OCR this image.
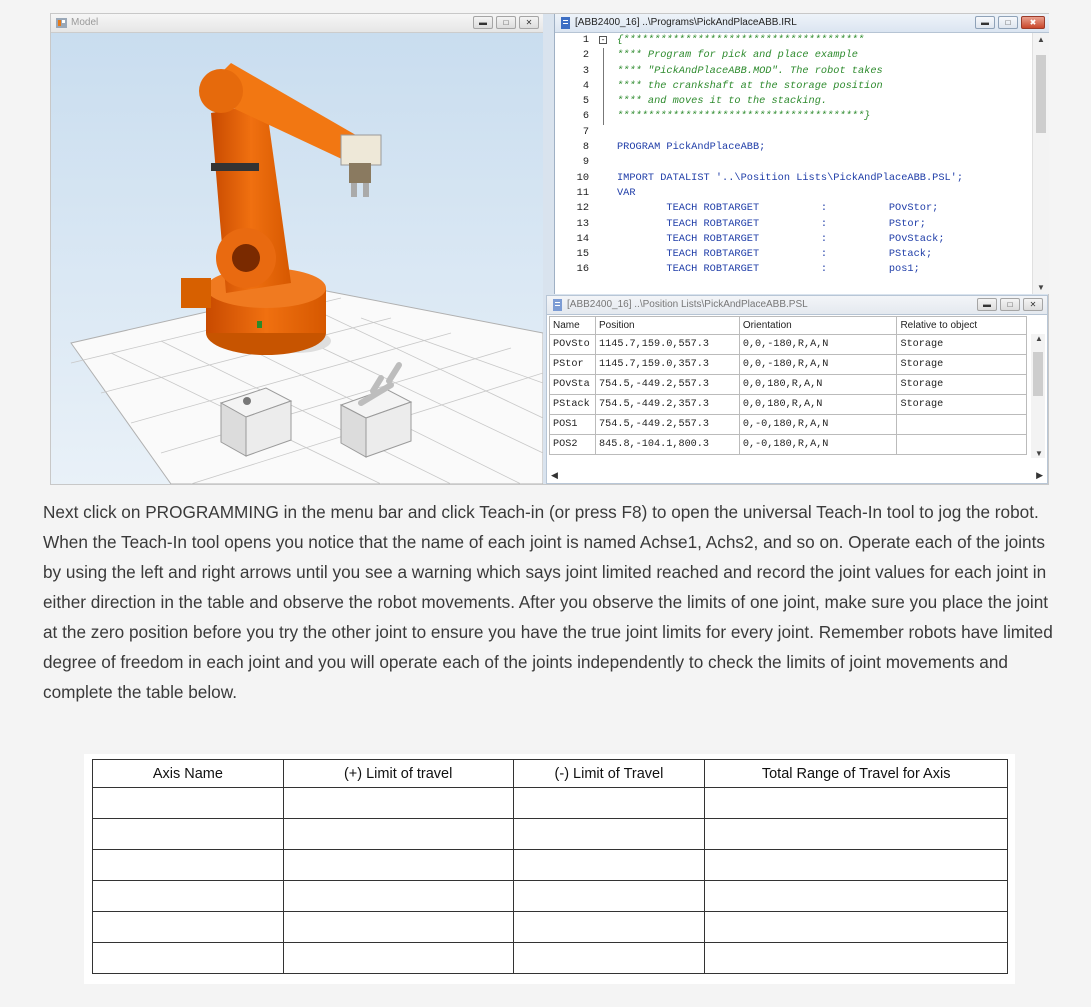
Model	▬	□	✕	[ABB2400_16] ..\Programs\PickAndPlaceABB.IRL	▬	□	✖
1 - {***************************************
2	**** Program for pick and place example
3	**** "PickAndPlaceABB.MOD". The robot takes
4	**** the crankshaft at the storage position
5	**** and moves it to the stacking.
6	****************************************}
7
8	PROGRAM PickAndPlaceABB;
9
10	IMPORT DATALIST '..\Position Lists\PickAndPlaceABB.PSL';
11	VAR
12	TEACH ROBTARGET          :          POvStor;
13	TEACH ROBTARGET          :          PStor;
14	TEACH ROBTARGET          :          POvStack;
15	TEACH ROBTARGET          :          PStack;
16	TEACH ROBTARGET          :          pos1;
▲
▼
[ABB2400_16] ..\Position Lists\PickAndPlaceABB.PSL	▬	□	✕
Name	Position	Orientation	Relative to object
POvSto	1145.7,159.0,557.3	0,0,-180,R,A,N	Storage
PStor	1145.7,159.0,357.3	0,0,-180,R,A,N	Storage
POvSta	754.5,-449.2,557.3	0,0,180,R,A,N	Storage
PStack	754.5,-449.2,357.3	0,0,180,R,A,N	Storage
POS1	754.5,-449.2,557.3	0,-0,180,R,A,N	
POS2	845.8,-104.1,800.3	0,-0,180,R,A,N	
▲
▼
◀	▶

Next click on PROGRAMMING in the menu bar and click Teach-in (or press F8) to open the universal Teach-In tool to jog the robot. When the Teach-In tool opens you notice that the name of each joint is named Achse1, Achs2, and so on. Operate each of the joints by using the left and right arrows until you see a warning which says joint limited reached and record the joint values for each joint in either direction in the table and observe the robot movements. After you observe the limits of one joint, make sure you place the joint at the zero position before you try the other joint to ensure you have the true joint limits for every joint. Remember robots have limited degree of freedom in each joint and you will operate each of the joints independently to check the limits of joint movements and complete the table below.

Axis Name	(+) Limit of travel	(-) Limit of Travel	Total Range of Travel for Axis
